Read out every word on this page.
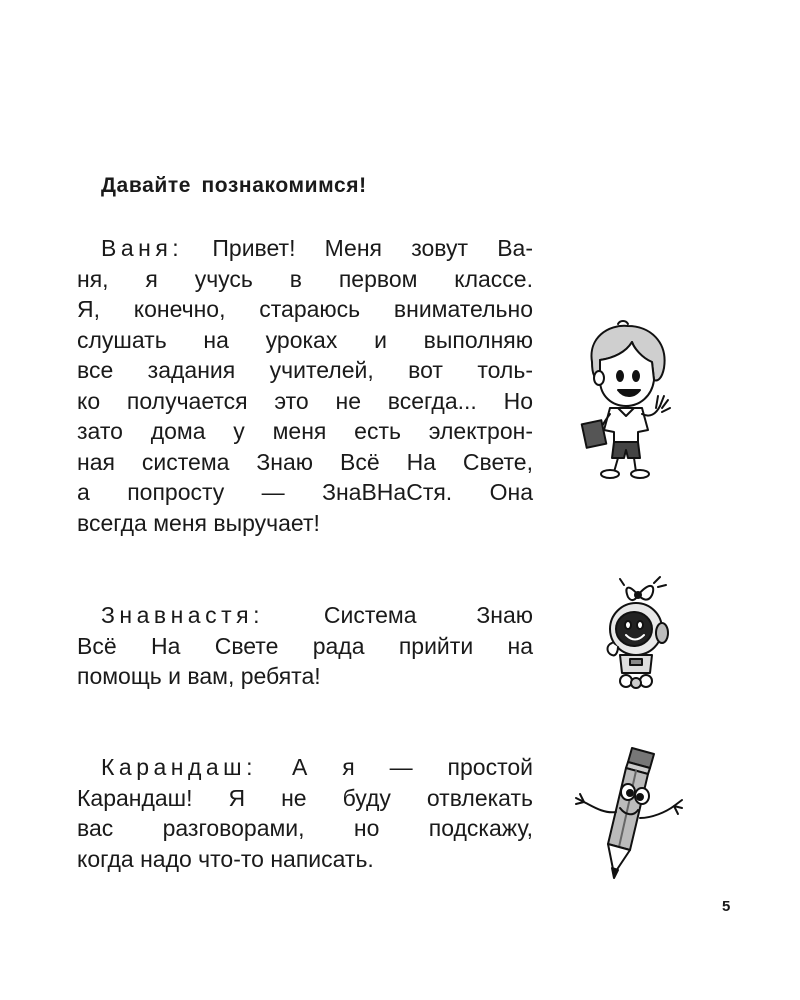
Давайте познакомимся!
Ваня: Привет! Меня зовут Ва-
ня, я учусь в первом классе.
Я, конечно, стараюсь внимательно
слушать на уроках и выполняю
все задания учителей, вот толь-
ко получается это не всегда... Но
зато дома у меня есть электрон-
ная система Знаю Всё На Свете,
а попросту — ЗнаВНаСтя. Она
всегда меня выручает!
Знавнастя:	Система Знаю
Всё На Свете рада прийти на
помощь и вам, ребята!
Карандаш: А я — простой
Карандаш! Я не буду отвлекать
вас разговорами, но подскажу,
когда надо что-то написать.

5
